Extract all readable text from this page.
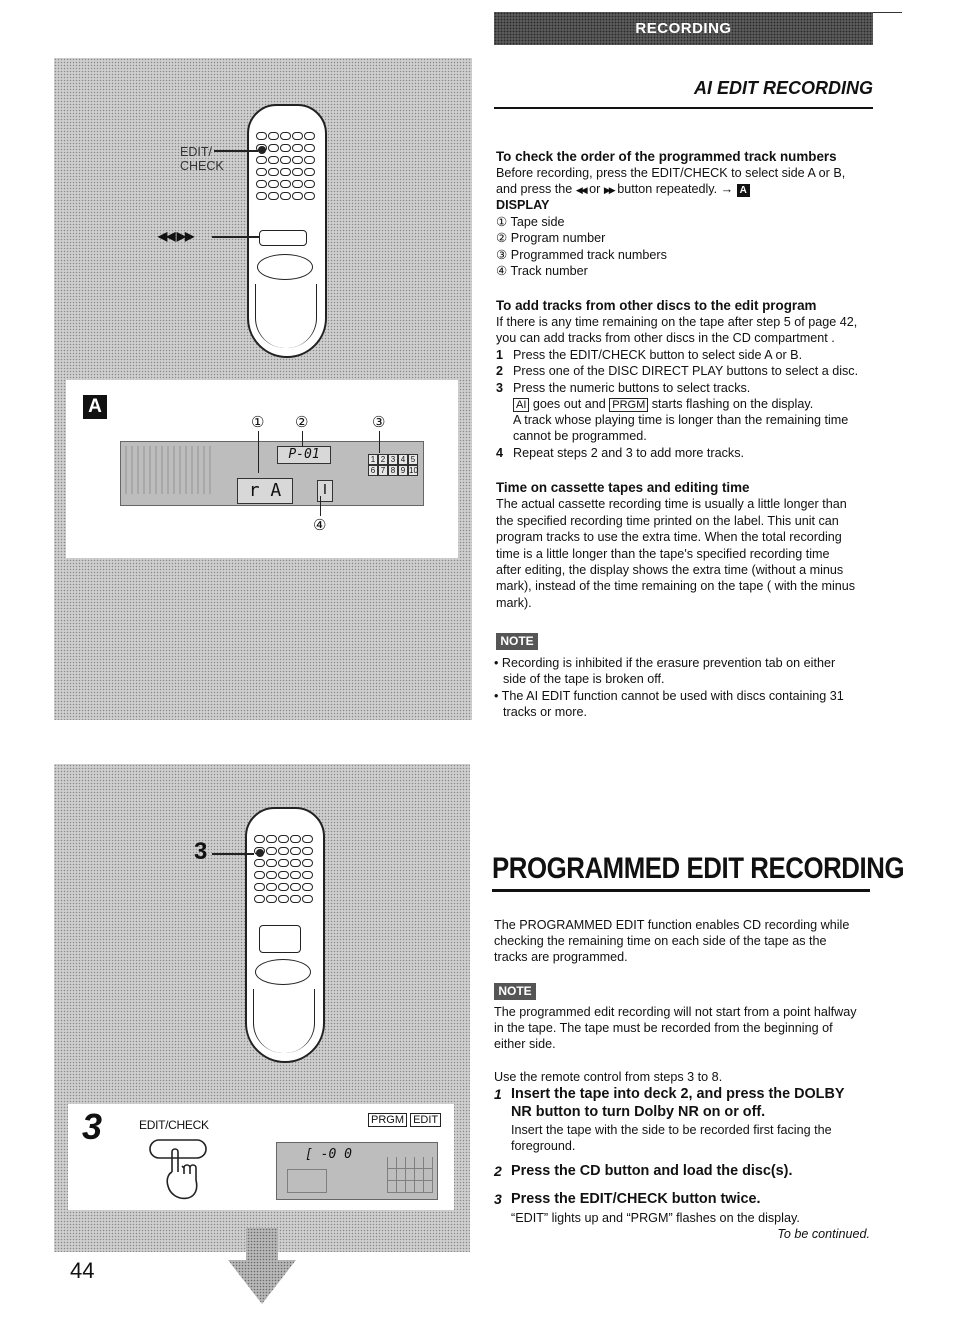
RECORDING
EDIT/
CHECK
◀◀ ▶▶
A
P-01
r A	Ⅰ
1 2 3 4 5
6 7 8 9 10
① ②	③
④
AI EDIT RECORDING
To check the order of the programmed track numbers
Before recording, press the EDIT/CHECK to select side A or B,
and press the ◀◀ or ▶▶ button repeatedly. → A
DISPLAY
① Tape side
② Program number
③ Programmed track numbers
④ Track number
To add tracks from other discs to the edit program
If there is any time remaining on the tape after step 5 of page 42,
you can add tracks from other discs in the CD compartment .
1 Press the EDIT/CHECK button to select side A or B.
2 Press one of the DISC DIRECT PLAY buttons to select a disc.
3 Press the numeric buttons to select tracks.
AI goes out and PRGM starts flashing on the display.
A track whose playing time is longer than the remaining time
cannot be programmed.
4 Repeat steps 2 and 3 to add more tracks.
Time on cassette tapes and editing time
The actual cassette recording time is usually a little longer than
the specified recording time printed on the label. This unit can
program tracks to use the extra time. When the total recording
time is a little longer than the tape's specified recording time
after editing, the display shows the extra time (without a minus
mark), instead of the time remaining on the tape ( with the minus
mark).
NOTE
• Recording is inhibited if the erasure prevention tab on either
side of the tape is broken off.
• The AI EDIT function cannot be used with discs containing 31
tracks or more.
3
3	EDIT/CHECK	PRGM EDIT
[ -0 0
PROGRAMMED EDIT RECORDING
The PROGRAMMED EDIT function enables CD recording while
checking the remaining time on each side of the tape as the
tracks are programmed.
NOTE
The programmed edit recording will not start from a point halfway
in the tape. The tape must be recorded from the beginning of
either side.
Use the remote control from steps 3 to 8.
1 Insert the tape into deck 2, and press the DOLBY
NR button to turn Dolby NR on or off.
Insert the tape with the side to be recorded first facing the
foreground.
2 Press the CD button and load the disc(s).
3 Press the EDIT/CHECK button twice.
“EDIT” lights up and “PRGM” flashes on the display.
To be continued.
44
